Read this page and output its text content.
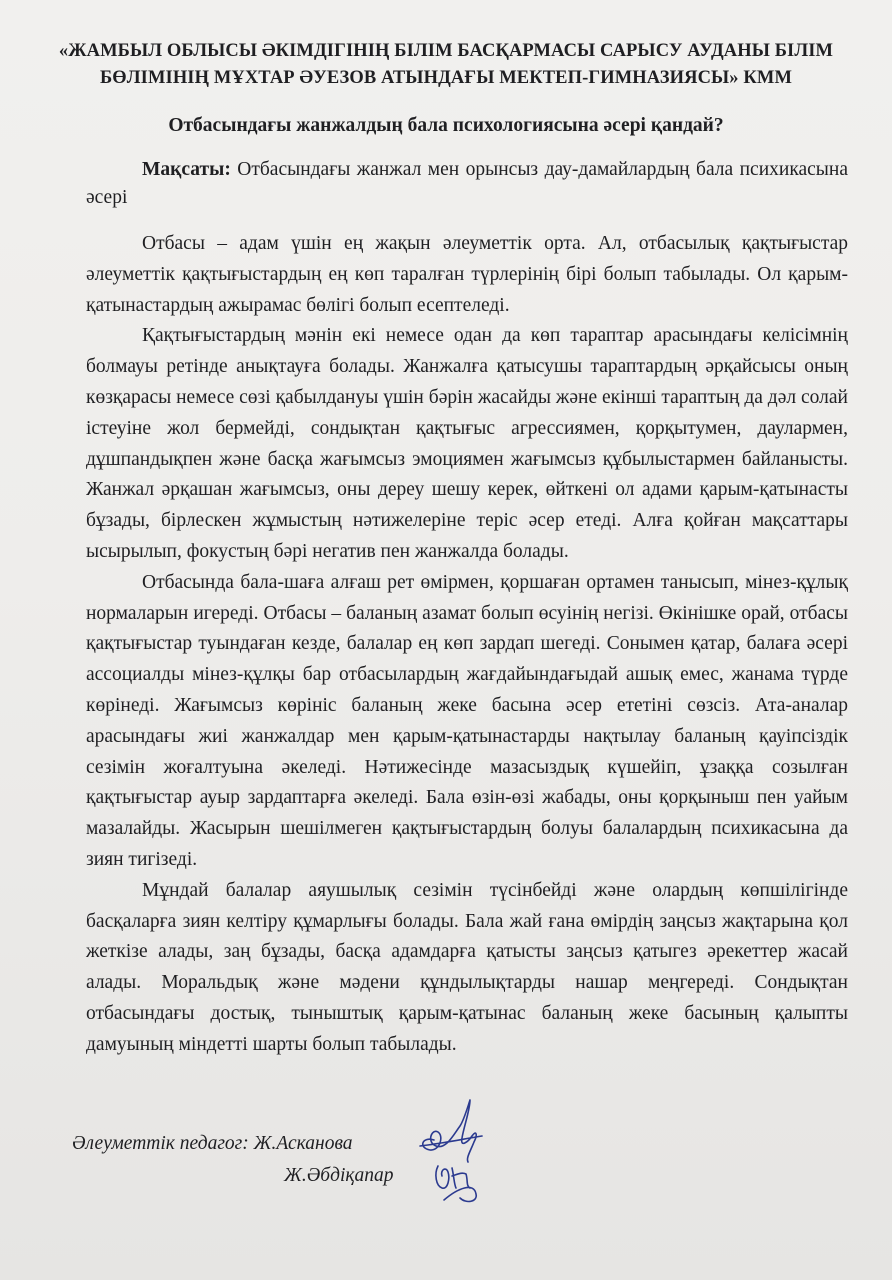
«ЖАМБЫЛ ОБЛЫСЫ ӘКІМДІГІНІҢ БІЛІМ БАСҚАРМАСЫ САРЫСУ АУДАНЫ БІЛІМ
БӨЛІМІНІҢ МҰХТАР ӘУЕЗОВ АТЫНДАҒЫ МЕКТЕП-ГИМНАЗИЯСЫ» КММ
Отбасындағы жанжалдың бала психологиясына әсері қандай?
Мақсаты: Отбасындағы жанжал мен орынсыз дау-дамайлардың бала психикасына әсері

Отбасы – адам үшін ең жақын әлеуметтік орта. Ал, отбасылық қақтығыстар әлеуметтік қақтығыстардың ең көп таралған түрлерінің бірі болып табылады. Ол қарым-қатынастардың ажырамас бөлігі болып есептеледі.

Қақтығыстардың мәнін екі немесе одан да көп тараптар арасындағы келісімнің болмауы ретінде анықтауға болады. Жанжалға қатысушы тараптардың әрқайсысы оның көзқарасы немесе сөзі қабылдануы үшін бәрін жасайды және екінші тараптың да дәл солай істеуіне жол бермейді, сондықтан қақтығыс агрессиямен, қорқытумен, даулармен, дұшпандықпен және басқа жағымсыз эмоциямен жағымсыз құбылыстармен байланысты. Жанжал әрқашан жағымсыз, оны дереу шешу керек, өйткені ол адами қарым-қатынасты бұзады, бірлескен жұмыстың нәтижелеріне теріс әсер етеді. Алға қойған мақсаттары ысырылып, фокустың бәрі негатив пен жанжалда болады.

Отбасында бала-шаға алғаш рет өмірмен, қоршаған ортамен танысып, мінез-құлық нормаларын игереді. Отбасы – баланың азамат болып өсуінің негізі. Өкінішке орай, отбасы қақтығыстар туындаған кезде, балалар ең көп зардап шегеді. Сонымен қатар, балаға әсері ассоциалды мінез-құлқы бар отбасылардың жағдайындағыдай ашық емес, жанама түрде көрінеді. Жағымсыз көрініс баланың жеке басына әсер ететіні сөзсіз. Ата-аналар арасындағы жиі жанжалдар мен қарым-қатынастарды нақтылау баланың қауіпсіздік сезімін жоғалтуына әкеледі. Нәтижесінде мазасыздық күшейіп, ұзаққа созылған қақтығыстар ауыр зардаптарға әкеледі. Бала өзін-өзі жабады, оны қорқыныш пен уайым мазалайды. Жасырын шешілмеген қақтығыстардың болуы балалардың психикасына да зиян тигізеді.

Мұндай балалар аяушылық сезімін түсінбейді және олардың көпшілігінде басқаларға зиян келтіру құмарлығы болады. Бала жай ғана өмірдің заңсыз жақтарына қол жеткізе алады, заң бұзады, басқа адамдарға қатысты заңсыз қатыгез әрекеттер жасай алады. Моральдық және мәдени құндылықтарды нашар меңгереді. Сондықтан отбасындағы достық, тыныштық қарым-қатынас баланың жеке басының қалыпты дамуының міндетті шарты болып табылады.

Әлеуметтік педагог: Ж.Асканова
Ж.Әбдіқапар
